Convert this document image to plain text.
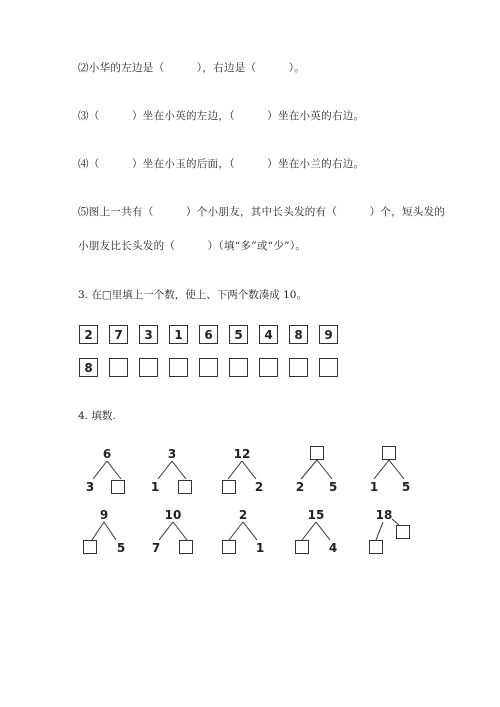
⑵小华的左边是（　　　），右边是（　　　）。
⑶（　　　）坐在小英的左边，（　　　）坐在小英的右边。
⑷（　　　）坐在小玉的后面，（　　　）坐在小兰的右边。
⑸图上一共有（　　　）个小朋友，其中长头发的有（　　　）个，短头发的
小朋友比长头发的（　　　）（填“多”或“少”）。
3. 在□里填上一个数，使上、下两个数凑成 10。
2	7	3	1	6	5	4	8	9
8
4. 填数.
6
3
3
1
12
2	2 5	1 5
9
5
10
7
2
1
15
4
18
